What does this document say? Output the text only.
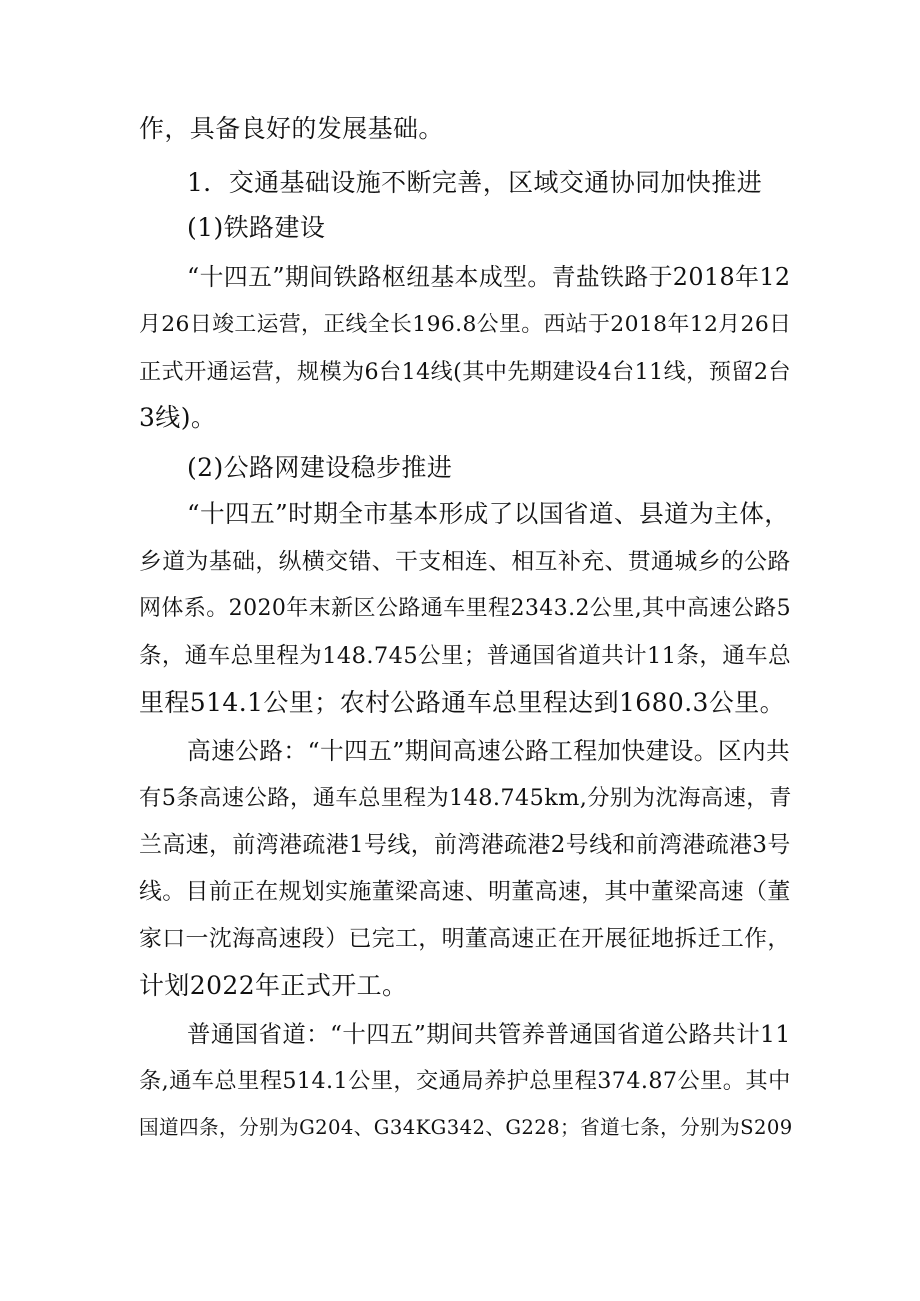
作，具备良好的发展基础。
1．交通基础设施不断完善，区域交通协同加快推进
(1)铁路建设
“十四五”期间铁路枢纽基本成型。青盐铁路于2018年12
月26日竣工运营，正线全长196.8公里。西站于2018年12月26日
正式开通运营，规模为6台14线(其中先期建设4台11线，预留2台
3线)。
(2)公路网建设稳步推进
“十四五”时期全市基本形成了以国省道、县道为主体，
乡道为基础，纵横交错、干支相连、相互补充、贯通城乡的公路
网体系。2020年末新区公路通车里程2343.2公里,其中高速公路5
条，通车总里程为148.745公里；普通国省道共计11条，通车总
里程514.1公里；农村公路通车总里程达到1680.3公里。
高速公路：“十四五”期间高速公路工程加快建设。区内共
有5条高速公路，通车总里程为148.745km,分别为沈海高速，青
兰高速，前湾港疏港1号线，前湾港疏港2号线和前湾港疏港3号
线。目前正在规划实施董梁高速、明董高速，其中董梁高速（董
家口一沈海高速段）已完工，明董高速正在开展征地拆迁工作，
计划2022年正式开工。
普通国省道：“十四五”期间共管养普通国省道公路共计11
条,通车总里程514.1公里，交通局养护总里程374.87公里。其中
国道四条，分别为G204、G34KG342、G228；省道七条，分别为S209
